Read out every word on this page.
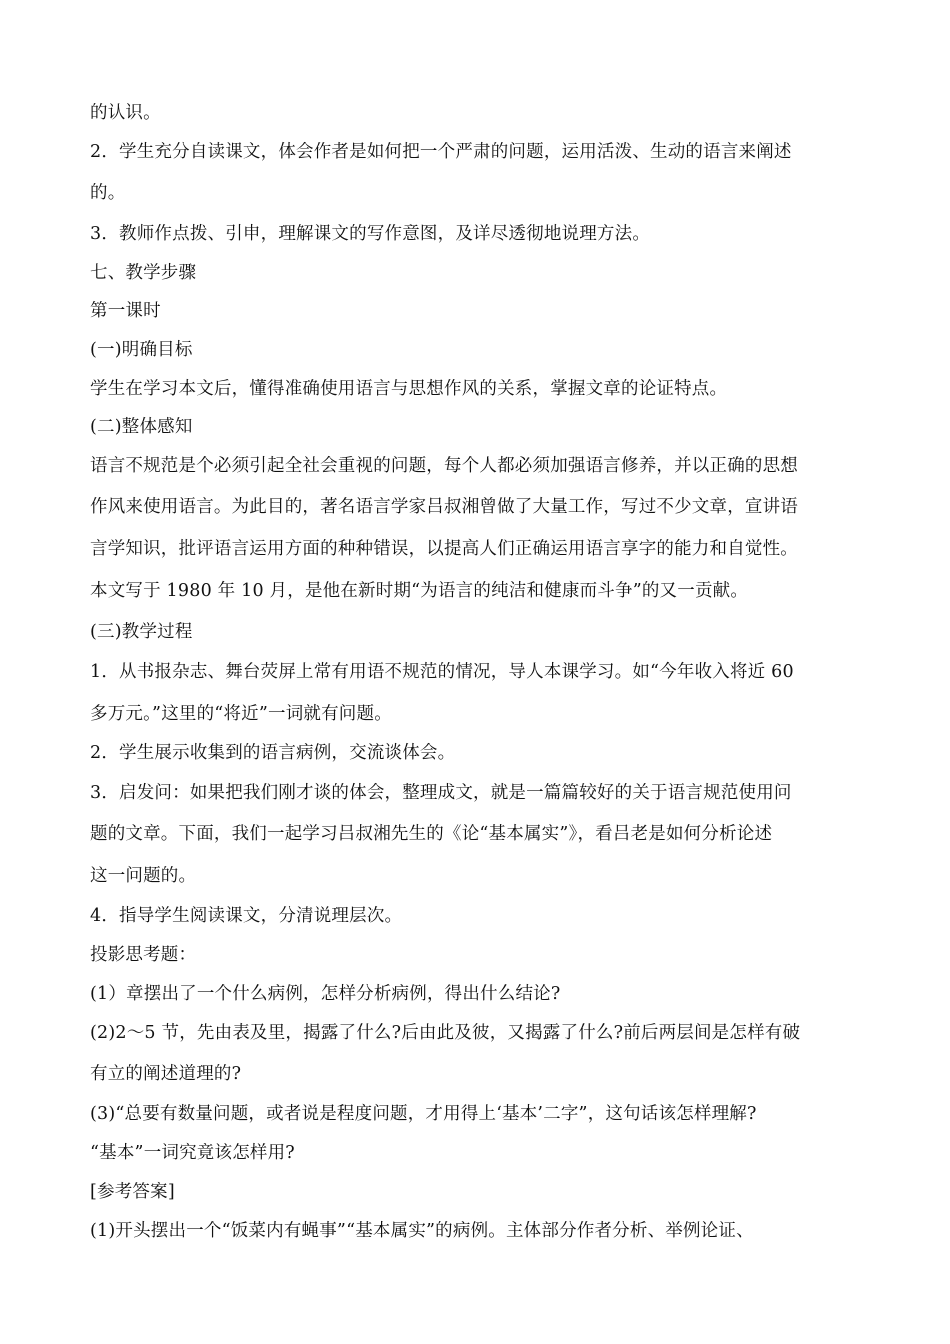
的认识。
2．学生充分自读课文，体会作者是如何把一个严肃的问题，运用活泼、生动的语言来阐述
的。
3．教师作点拨、引申，理解课文的写作意图，及详尽透彻地说理方法。
七、教学步骤
第一课时
(一)明确目标
学生在学习本文后，懂得准确使用语言与思想作风的关系，掌握文章的论证特点。
(二)整体感知
语言不规范是个必须引起全社会重视的问题，每个人都必须加强语言修养，并以正确的思想
作风来使用语言。为此目的，著名语言学家吕叔湘曾做了大量工作，写过不少文章，宣讲语
言学知识，批评语言运用方面的种种错误，以提高人们正确运用语言享字的能力和自觉性。
本文写于 1980 年 10 月，是他在新时期“为语言的纯洁和健康而斗争”的又一贡献。
(三)教学过程
1．从书报杂志、舞台荧屏上常有用语不规范的情况，导人本课学习。如“今年收入将近 60
多万元。”这里的“将近”一词就有问题。
2．学生展示收集到的语言病例，交流谈体会。
3．启发问：如果把我们刚才谈的体会，整理成文，就是一篇篇较好的关于语言规范使用问
题的文章。下面，我们一起学习吕叔湘先生的《论“基本属实”》，看吕老是如何分析论述
这一问题的。
4．指导学生阅读课文，分清说理层次。
投影思考题：
(1）章摆出了一个什么病例，怎样分析病例，得出什么结论?
(2)2～5 节，先由表及里，揭露了什么?后由此及彼，又揭露了什么?前后两层间是怎样有破
有立的阐述道理的?
(3)“总要有数量问题，或者说是程度问题，才用得上‘基本’二字”，这句话该怎样理解?
“基本”一词究竟该怎样用?
[参考答案]
(1)开头摆出一个“饭菜内有蝇事”“基本属实”的病例。主体部分作者分析、举例论证、
